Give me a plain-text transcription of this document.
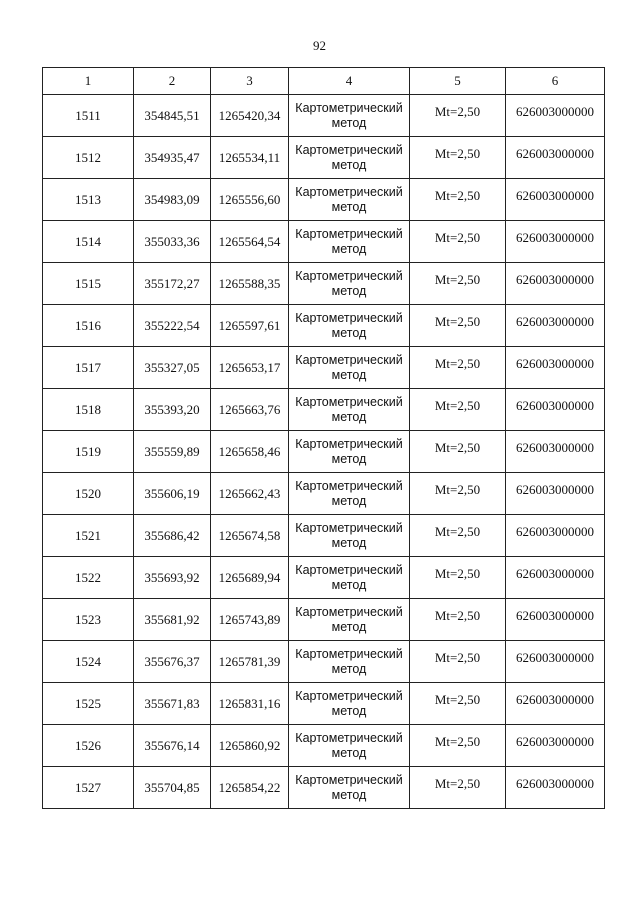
92
1	2	3	4	5	6
1511	354845,51	1265420,34	Картометрический метод	Mt=2,50	626003000000
1512	354935,47	1265534,11	Картометрический метод	Mt=2,50	626003000000
1513	354983,09	1265556,60	Картометрический метод	Mt=2,50	626003000000
1514	355033,36	1265564,54	Картометрический метод	Mt=2,50	626003000000
1515	355172,27	1265588,35	Картометрический метод	Mt=2,50	626003000000
1516	355222,54	1265597,61	Картометрический метод	Mt=2,50	626003000000
1517	355327,05	1265653,17	Картометрический метод	Mt=2,50	626003000000
1518	355393,20	1265663,76	Картометрический метод	Mt=2,50	626003000000
1519	355559,89	1265658,46	Картометрический метод	Mt=2,50	626003000000
1520	355606,19	1265662,43	Картометрический метод	Mt=2,50	626003000000
1521	355686,42	1265674,58	Картометрический метод	Mt=2,50	626003000000
1522	355693,92	1265689,94	Картометрический метод	Mt=2,50	626003000000
1523	355681,92	1265743,89	Картометрический метод	Mt=2,50	626003000000
1524	355676,37	1265781,39	Картометрический метод	Mt=2,50	626003000000
1525	355671,83	1265831,16	Картометрический метод	Mt=2,50	626003000000
1526	355676,14	1265860,92	Картометрический метод	Mt=2,50	626003000000
1527	355704,85	1265854,22	Картометрический метод	Mt=2,50	626003000000
